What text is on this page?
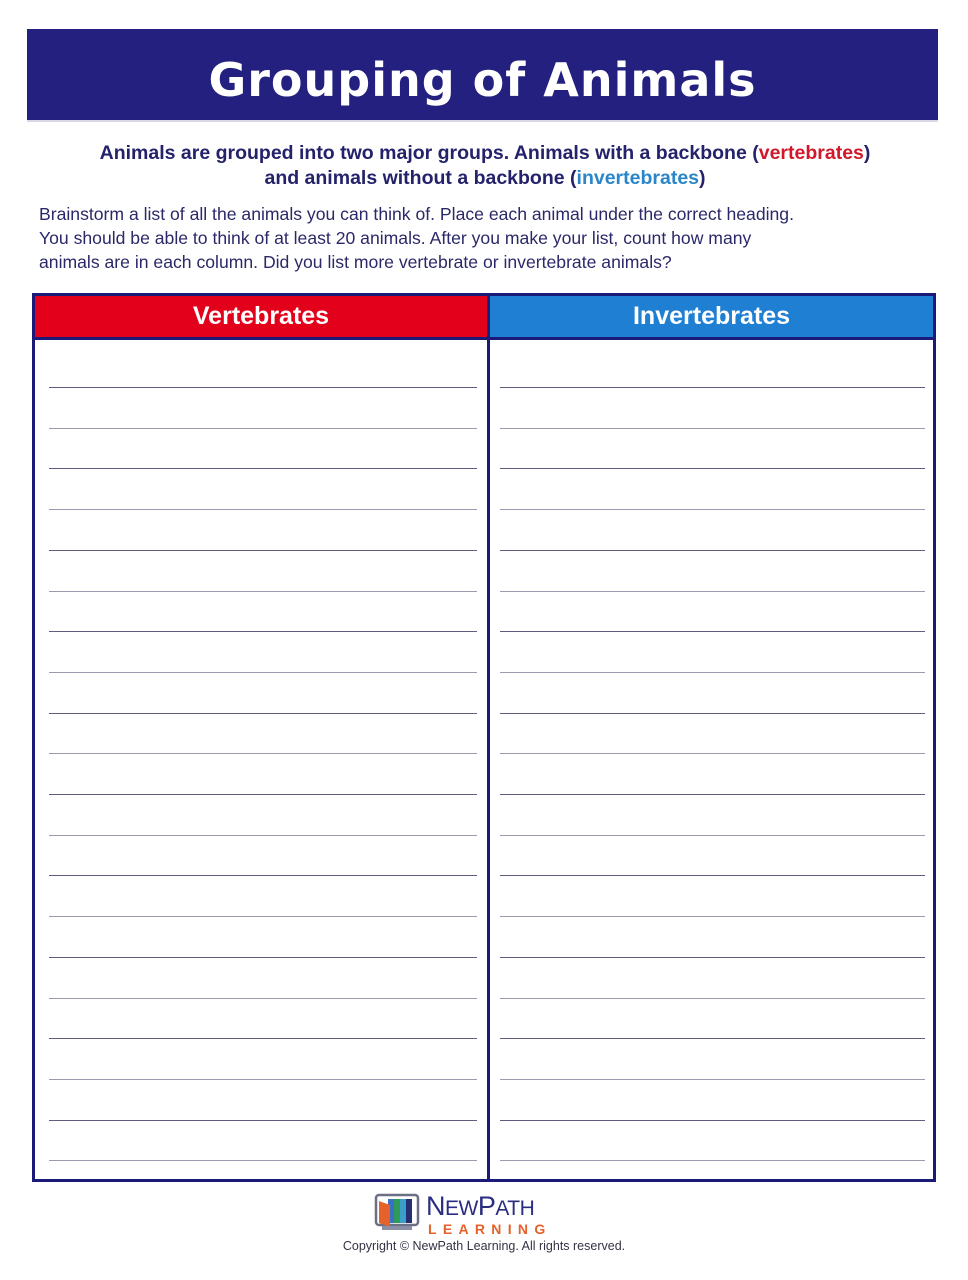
Grouping of Animals
Animals are grouped into two major groups. Animals with a backbone (vertebrates)
and animals without a backbone (invertebrates)
Brainstorm a list of all the animals you can think of. Place each animal under the correct heading.
You should be able to think of at least 20 animals. After you make your list, count how many
animals are in each column. Did you list more vertebrate or invertebrate animals?
Vertebrates	Invertebrates
NEWPATH
LEARNING
Copyright © NewPath Learning. All rights reserved.
